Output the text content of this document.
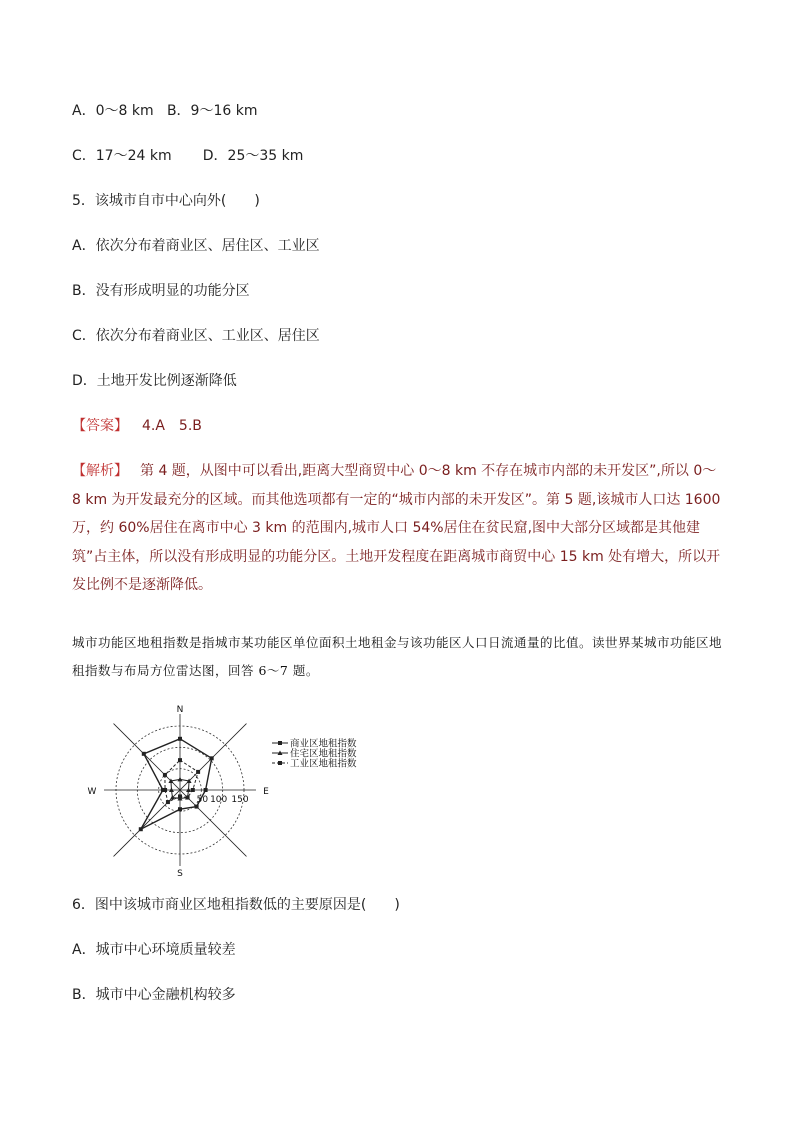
A．0～8 km B．9～16 km
C．17～24 km D．25～35 km
5．该城市自市中心向外(　　)
A．依次分布着商业区、居住区、工业区
B．没有形成明显的功能分区
C．依次分布着商业区、工业区、居住区
D．土地开发比例逐渐降低
【答案】 4.A　5.B
【解析】 第 4 题，从图中可以看出,距离大型商贸中心 0～8 km 不存在城市内部的未开发区”,所以 0～8 km 为开发最充分的区域。而其他选项都有一定的“城市内部的未开发区”。第 5 题,该城市人口达 1600 万，约 60%居住在离市中心 3 km 的范围内,城市人口 54%居住在贫民窟,图中大部分区域都是其他建筑”占主体，所以没有形成明显的功能分区。土地开发程度在距离城市商贸中心 15 km 处有增大，所以开发比例不是逐渐降低。
城市功能区地租指数是指城市某功能区单位面积土地租金与该功能区人口日流通量的比值。读世界某城市功能区地租指数与布局方位雷达图，回答 6～7 题。
N
S
W	E
50 100 150
商业区地租指数
住宅区地租指数
工业区地租指数
6．图中该城市商业区地租指数低的主要原因是(　　)
A．城市中心环境质量较差
B．城市中心金融机构较多
